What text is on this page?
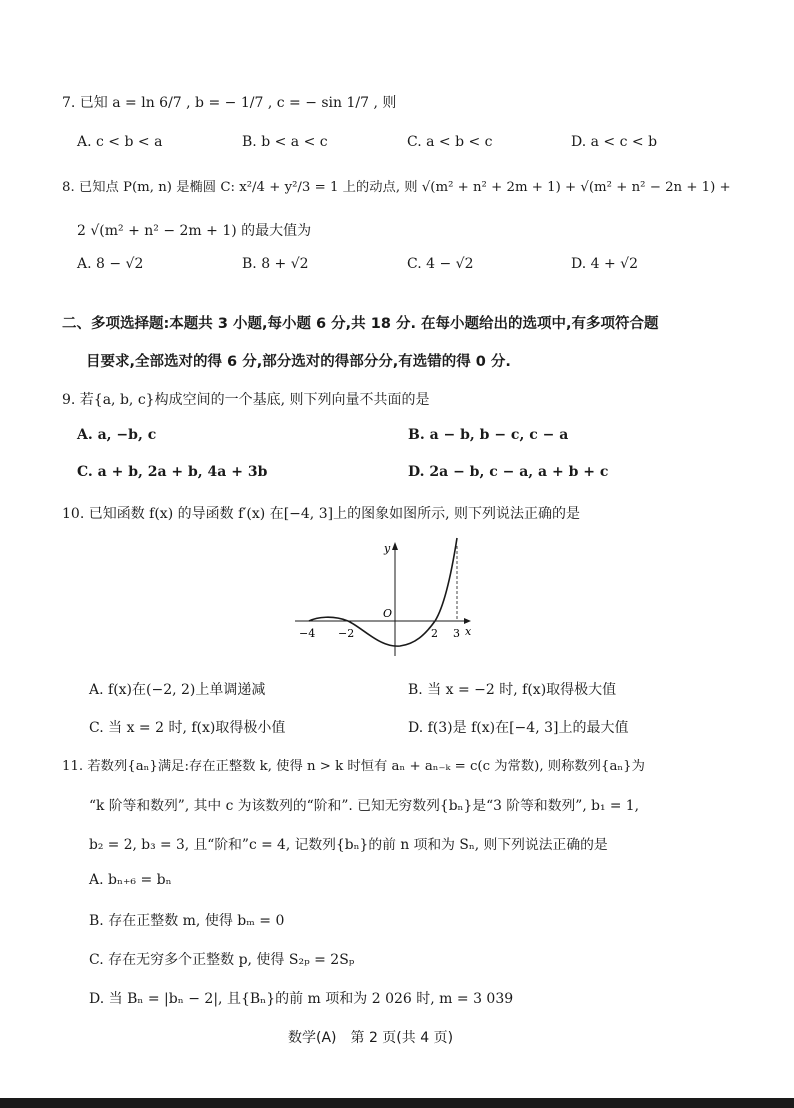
7. 已知 a = ln 6/7 , b = − 1/7 , c = − sin 1/7 , 则
A. c < b < a	B. b < a < c	C. a < b < c	D. a < c < b
8. 已知点 P(m, n) 是椭圆 C: x²/4 + y²/3 = 1 上的动点, 则 √(m² + n² + 2m + 1) + √(m² + n² − 2n + 1) +
2 √(m² + n² − 2m + 1) 的最大值为
A. 8 − √2	B. 8 + √2	C. 4 − √2	D. 4 + √2
二、多项选择题:本题共 3 小题,每小题 6 分,共 18 分. 在每小题给出的选项中,有多项符合题
目要求,全部选对的得 6 分,部分选对的得部分分,有选错的得 0 分.
9. 若{a, b, c}构成空间的一个基底, 则下列向量不共面的是
A. a, −b, c	B. a − b, b − c, c − a
C. a + b, 2a + b, 4a + 3b	D. 2a − b, c − a, a + b + c
10. 已知函数 f(x) 的导函数 f′(x) 在[−4, 3]上的图象如图所示, 则下列说法正确的是
y
x
O
−4 −2	2 3
A. f(x)在(−2, 2)上单调递减	B. 当 x = −2 时, f(x)取得极大值
C. 当 x = 2 时, f(x)取得极小值	D. f(3)是 f(x)在[−4, 3]上的最大值
11. 若数列{aₙ}满足:存在正整数 k, 使得 n > k 时恒有 aₙ + aₙ₋ₖ = c(c 为常数), 则称数列{aₙ}为
“k 阶等和数列”, 其中 c 为该数列的“阶和”. 已知无穷数列{bₙ}是“3 阶等和数列”, b₁ = 1,
b₂ = 2, b₃ = 3, 且“阶和”c = 4, 记数列{bₙ}的前 n 项和为 Sₙ, 则下列说法正确的是
A. bₙ₊₆ = bₙ
B. 存在正整数 m, 使得 bₘ = 0
C. 存在无穷多个正整数 p, 使得 S₂ₚ = 2Sₚ
D. 当 Bₙ = |bₙ − 2|, 且{Bₙ}的前 m 项和为 2 026 时, m = 3 039
数学(A)　第 2 页(共 4 页)
